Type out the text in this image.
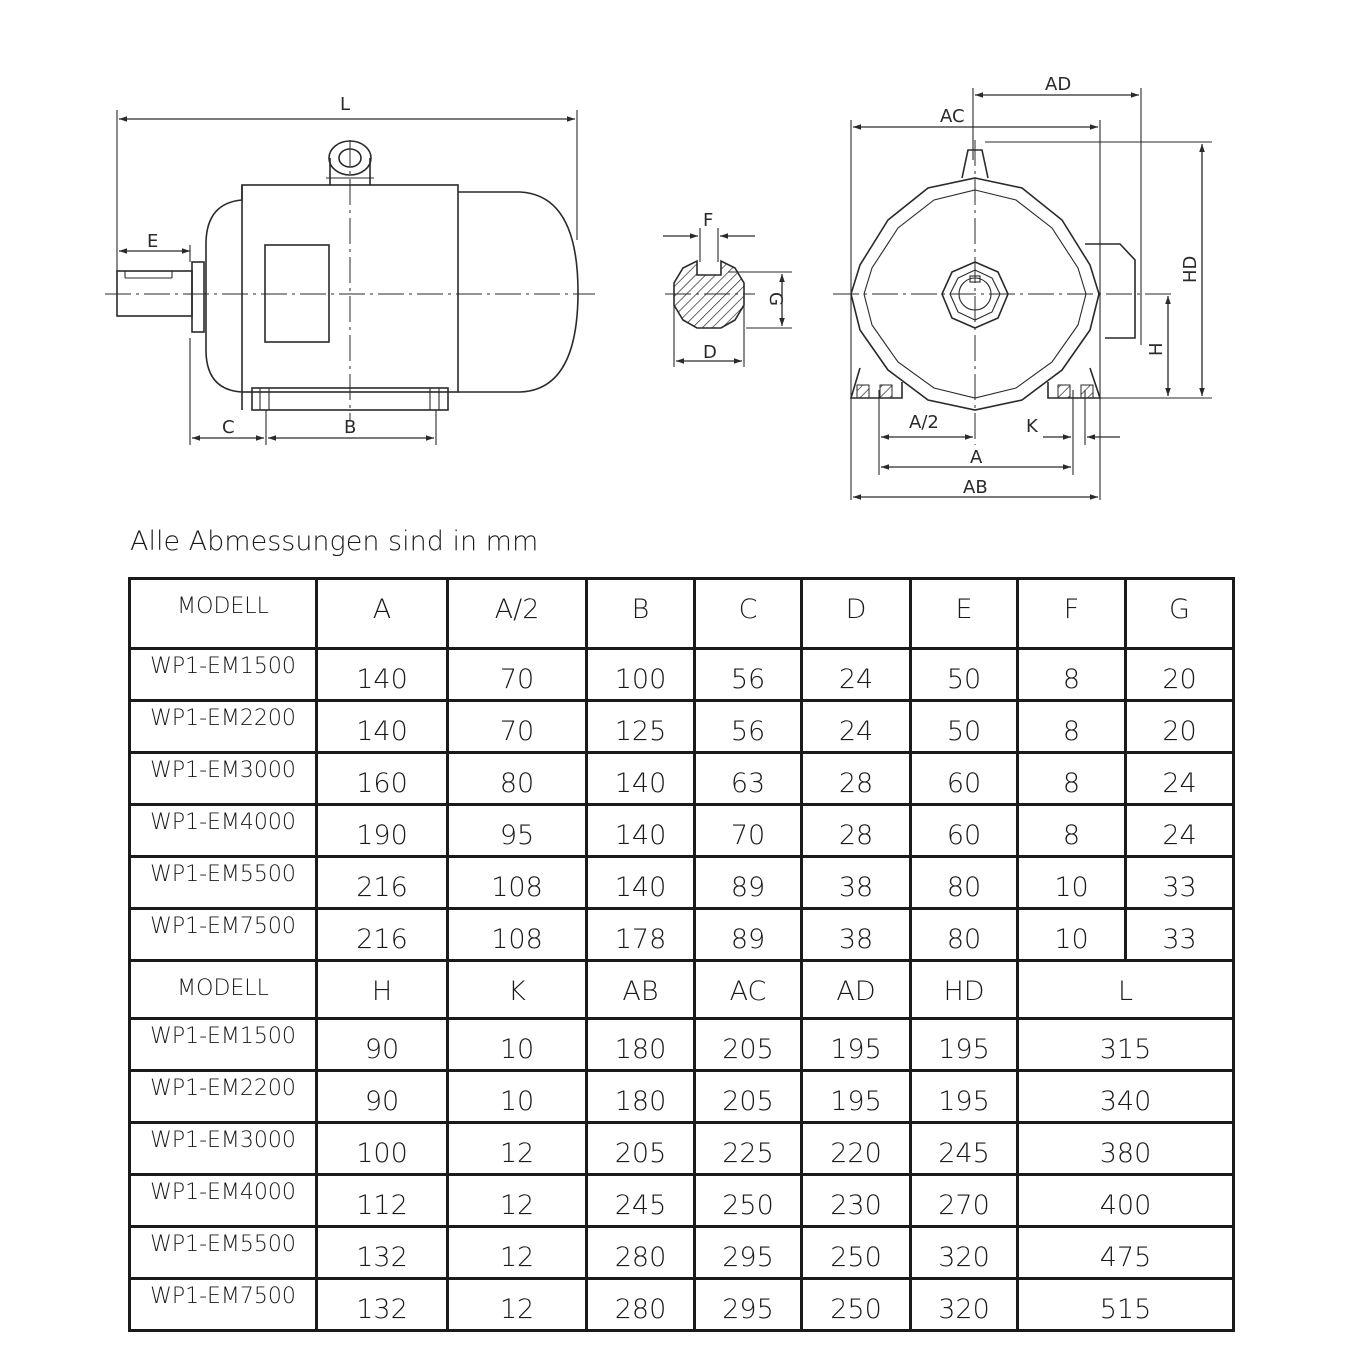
L
E
C	B
F
G
D
AD
AC
HD
H
A/2	K
A
AB
Alle Abmessungen sind in mm
MODELL	A	A/2	B	C	D	E	F	G
WP1-EM1500	140	70	100	56	24	50	8	20
WP1-EM2200	140	70	125	56	24	50	8	20
WP1-EM3000	160	80	140	63	28	60	8	24
WP1-EM4000	190	95	140	70	28	60	8	24
WP1-EM5500	216	108	140	89	38	80	10	33
WP1-EM7500	216	108	178	89	38	80	10	33
MODELL	H	K	AB	AC	AD	HD	L	
WP1-EM1500	90	10	180	205	195	195	315	
WP1-EM2200	90	10	180	205	195	195	340	
WP1-EM3000	100	12	205	225	220	245	380	
WP1-EM4000	112	12	245	250	230	270	400	
WP1-EM5500	132	12	280	295	250	320	475	
WP1-EM7500	132	12	280	295	250	320	515	
